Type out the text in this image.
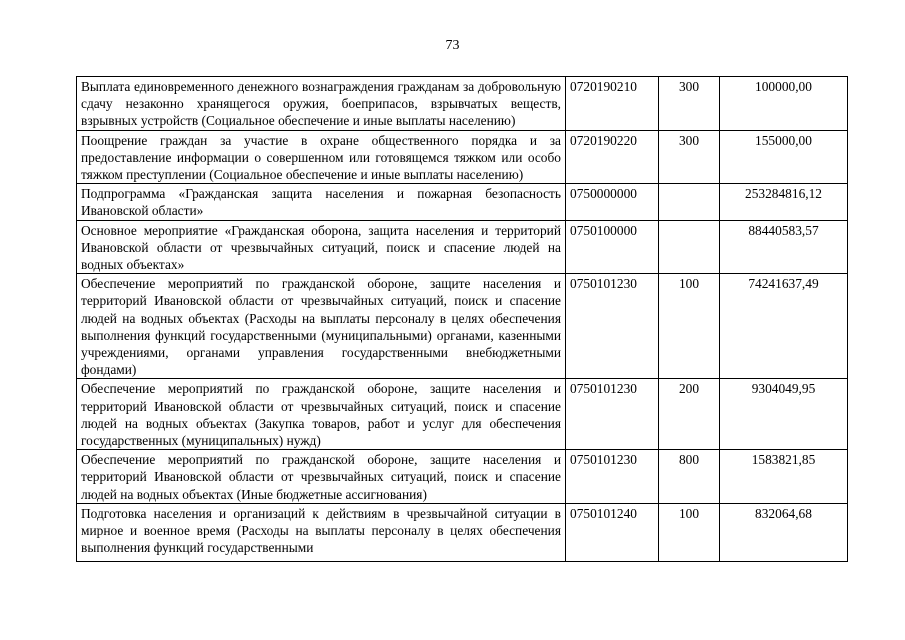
73
Выплата единовременного денежного вознаграждения гражданам за добровольную сдачу незаконно хранящегося оружия, боеприпасов, взрывчатых веществ, взрывных устройств (Социальное обеспечение и иные выплаты населению)	0720190210	300	100000,00
Поощрение граждан за участие в охране общественного порядка и за предоставление информации о совершенном или готовящемся тяжком или особо тяжком преступлении (Социальное обеспечение и иные выплаты населению)	0720190220	300	155000,00
Подпрограмма «Гражданская защита населения и пожарная безопасность Ивановской области»	0750000000		253284816,12
Основное мероприятие «Гражданская оборона, защита населения и территорий Ивановской области от чрезвычайных ситуаций, поиск и спасение людей на водных объектах»	0750100000		88440583,57
Обеспечение мероприятий по гражданской обороне, защите населения и территорий Ивановской области от чрезвычайных ситуаций, поиск и спасение людей на водных объектах (Расходы на выплаты персоналу в целях обеспечения выполнения функций государственными (муниципальными) органами, казенными учреждениями, органами управления государственными внебюджетными фондами)	0750101230	100	74241637,49
Обеспечение мероприятий по гражданской обороне, защите населения и территорий Ивановской области от чрезвычайных ситуаций, поиск и спасение людей на водных объектах (Закупка товаров, работ и услуг для обеспечения государственных (муниципальных) нужд)	0750101230	200	9304049,95
Обеспечение мероприятий по гражданской обороне, защите населения и территорий Ивановской области от чрезвычайных ситуаций, поиск и спасение людей на водных объектах (Иные бюджетные ассигнования)	0750101230	800	1583821,85
Подготовка населения и организаций к действиям в чрезвычайной ситуации в мирное и военное время (Расходы на выплаты персоналу в целях обеспечения выполнения функций государственными	0750101240	100	832064,68
